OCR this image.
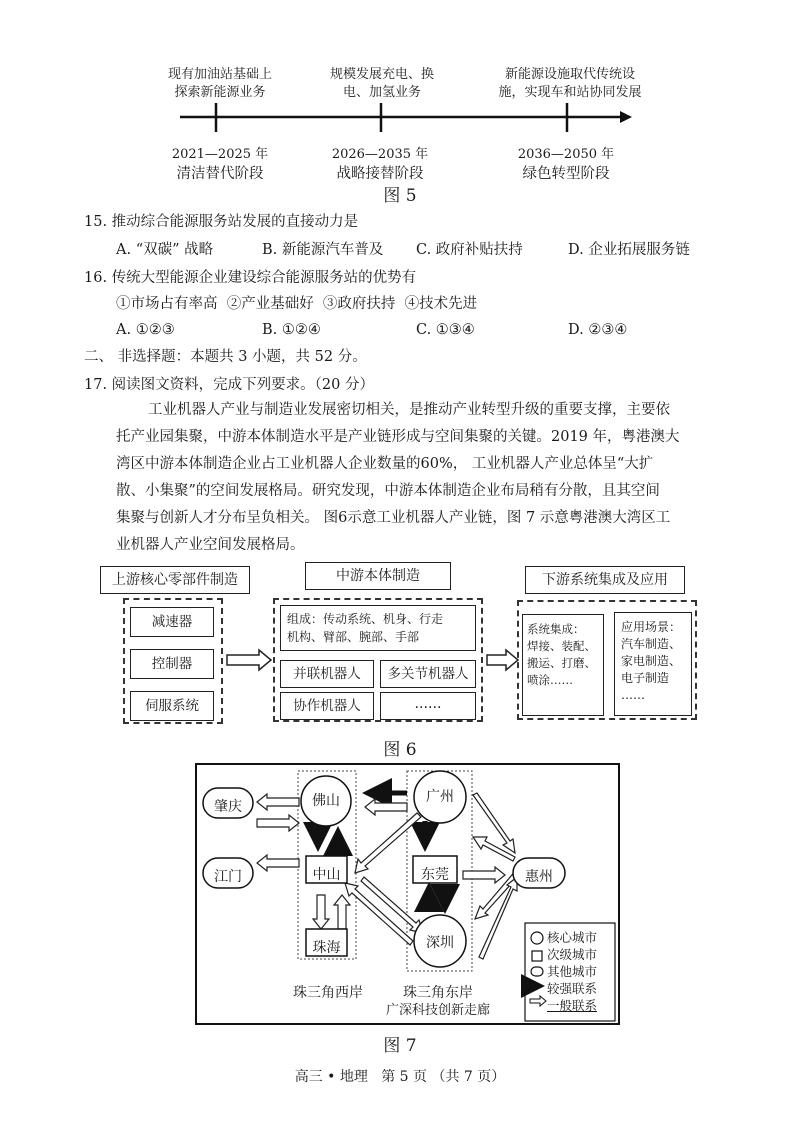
现有加油站基础上
探索新能源业务
规模发展充电、换
电、加氢业务
新能源设施取代传统设
施，实现车和站协同发展
2021—2025 年	2026—2035 年	2036—2050 年
清洁替代阶段	战略接替阶段	绿色转型阶段
图 5
15. 推动综合能源服务站发展的直接动力是
A. “双碳” 战略	B. 新能源汽车普及 C. 政府补贴扶持	D. 企业拓展服务链
16. 传统大型能源企业建设综合能源服务站的优势有
①市场占有率高  ②产业基础好  ③政府扶持  ④技术先进
A. ①②③	B. ①②④	C. ①③④	D. ②③④
二、 非选择题：本题共 3 小题，共 52 分。
17. 阅读图文资料，完成下列要求。（20 分）
工业机器人产业与制造业发展密切相关，是推动产业转型升级的重要支撑，主要依
托产业园集聚，中游本体制造水平是产业链形成与空间集聚的关键。2019 年，粤港澳大
湾区中游本体制造企业占工业机器人企业数量的60%， 工业机器人产业总体呈“大扩
散、小集聚”的空间发展格局。研究发现，中游本体制造企业布局稍有分散，且其空间
集聚与创新人才分布呈负相关。 图6示意工业机器人产业链，图 7 示意粤港澳大湾区工
业机器人产业空间发展格局。
上游核心零部件制造	中游本体制造	下游系统集成及应用
减速器
控制器
伺服系统
组成：传动系统、机身、行走
机构、臂部、腕部、手部
并联机器人	多关节机器人
协作机器人	……
系统集成：
焊接、装配、
搬运、打磨、
喷涂……
应用场景：
汽车制造、
家电制造、
电子制造
……
图 6
佛山	广州
肇庆
江门	中山	东莞	惠州
珠海	深圳
珠三角西岸	珠三角东岸
广深科技创新走廊
核心城市
次级城市
其他城市
较强联系
一般联系
图 7
高三 • 地理   第 5 页 （共 7 页）
